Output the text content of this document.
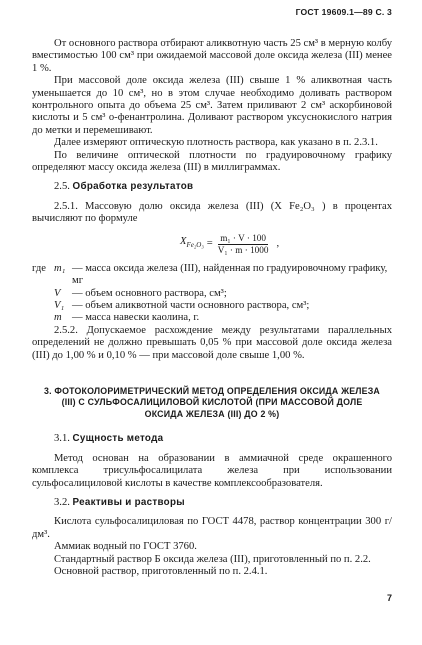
ГОСТ 19609.1—89 С. 3

От основного раствора отбирают аликвотную часть 25 см³ в мерную колбу вместимостью 100 см³ при ожидаемой массовой доле оксида железа (III) менее 1 %.

При массовой доле оксида железа (III) свыше 1 % аликвотная часть уменьшается до 10 см³, но в этом случае необходимо доливать раствором контрольного опыта до объема 25 см³. Затем приливают 2 см³ аскорбиновой кислоты и 5 см³ о-фенантролина. Доливают раствором уксуснокислого натрия до метки и перемешивают.

Далее измеряют оптическую плотность раствора, как указано в п. 2.3.1.

По величине оптической плотности по градуировочному графику определяют массу оксида железа (III) в миллиграммах.

2.5. Обработка результатов

2.5.1. Массовую долю оксида железа (III) (X Fe₂O₃ ) в процентах вычисляют по формуле

$X_{Fe_2O_3} = \frac{\text{m₁ · V · 100}}{\text{V₁ · m · 1000}}$ ,
где m₁ — масса оксида железа (III), найденная по градуировочному графику, мг
V	— объем основного раствора, см³;
V₁ — объем аликвотной части основного раствора, см³;
m — масса навески каолина, г.

2.5.2. Допускаемое расхождение между результатами параллельных определений не должно превышать 0,05 % при массовой доле оксида железа (III) до 1,00 % и 0,10 % — при массовой доле свыше 1,00 %.

3. ФОТОКОЛОРИМЕТРИЧЕСКИЙ МЕТОД ОПРЕДЕЛЕНИЯ ОКСИДА ЖЕЛЕЗА (III) С СУЛЬФОСАЛИЦИЛОВОЙ КИСЛОТОЙ (ПРИ МАССОВОЙ ДОЛЕ ОКСИДА ЖЕЛЕЗА (III) ДО 2 %)

3.1. Сущность метода

Метод основан на образовании в аммиачной среде окрашенного комплекса трисульфосалицилата железа при использовании сульфосалициловой кислоты в качестве комплексообразователя.

3.2. Реактивы и растворы

Кислота сульфосалициловая по ГОСТ 4478, раствор концентрации 300 г/дм³.

Аммиак водный по ГОСТ 3760.

Стандартный раствор Б оксида железа (III), приготовленный по п. 2.2.

Основной раствор, приготовленный по п. 2.4.1.

7
